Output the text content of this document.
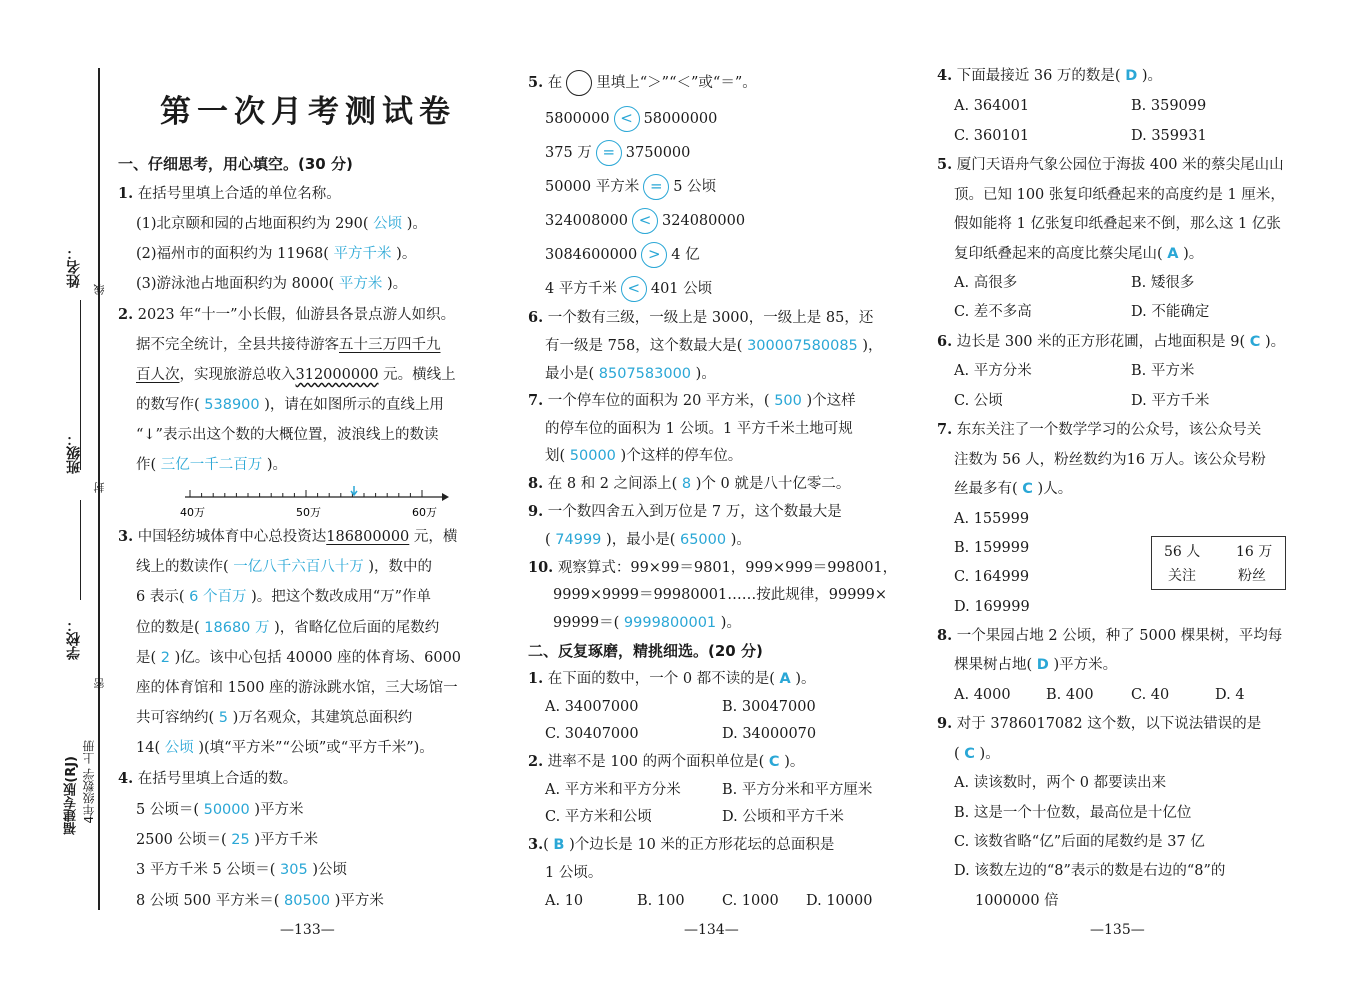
姓名：
线
班级：
封
学校：
密
福建专版(RJ) 4年级数学 上册
第一次月考测试卷
一、仔细思考，用心填空。(30 分)
1. 在括号里填上合适的单位名称。
(1)北京颐和园的占地面积约为 290( 公顷 )。
(2)福州市的面积约为 11968( 平方千米 )。
(3)游泳池占地面积约为 8000( 平方米 )。
2. 2023 年“十一”小长假，仙游县各景点游人如织。
据不完全统计，全县共接待游客五十三万四千九
百人次，实现旅游总收入312000000 元。横线上
的数写作( 538900 )，请在如图所示的直线上用
“↓”表示出这个数的大概位置，波浪线上的数读
作( 三亿一千二百万 )。
40万	50万	60万
3. 中国轻纺城体育中心总投资达186800000 元，横
线上的数读作( 一亿八千六百八十万 )，数中的
6 表示( 6 个百万 )。把这个数改成用“万”作单
位的数是( 18680 万 )，省略亿位后面的尾数约
是( 2 )亿。该中心包括 40000 座的体育场、6000
座的体育馆和 1500 座的游泳跳水馆，三大场馆一
共可容纳约( 5 )万名观众，其建筑总面积约
14( 公顷 )(填“平方米”“公顷”或“平方千米”)。
4. 在括号里填上合适的数。
5 公顷＝( 50000 )平方米
2500 公顷＝( 25 )平方千米
3 平方千米 5 公顷＝( 305 )公顷
8 公顷 500 平方米＝( 80500 )平方米
—133—
5. 在 里填上“＞”“＜”或“＝”。
5800000 < 58000000
375 万 = 3750000
50000 平方米 = 5 公顷
324008000 < 324080000
3084600000 > 4 亿
4 平方千米 < 401 公顷
6. 一个数有三级，一级上是 3000，一级上是 85，还
有一级是 758，这个数最大是( 300007580085 )，
最小是( 8507583000 )。
7. 一个停车位的面积为 20 平方米，( 500 )个这样
的停车位的面积为 1 公顷。1 平方千米土地可规
划( 50000 )个这样的停车位。
8. 在 8 和 2 之间添上( 8 )个 0 就是八十亿零二。
9. 一个数四舍五入到万位是 7 万，这个数最大是
( 74999 )，最小是( 65000 )。
10. 观察算式：99×99＝9801，999×999＝998001，
9999×9999＝99980001……按此规律，99999×
99999＝( 9999800001 )。
二、反复琢磨，精挑细选。(20 分)
1. 在下面的数中，一个 0 都不读的是( A )。
A. 34007000	B. 30047000
C. 30407000	D. 34000070
2. 进率不是 100 的两个面积单位是( C )。
A. 平方米和平方分米	B. 平方分米和平方厘米
C. 平方米和公顷	D. 公顷和平方千米
3.( B )个边长是 10 米的正方形花坛的总面积是
1 公顷。
A. 10	B. 100	C. 1000 D. 10000
—134—
4. 下面最接近 36 万的数是( D )。
A. 364001	B. 359099
C. 360101	D. 359931
5. 厦门天语舟气象公园位于海拔 400 米的蔡尖尾山山
顶。已知 100 张复印纸叠起来的高度约是 1 厘米，
假如能将 1 亿张复印纸叠起来不倒，那么这 1 亿张
复印纸叠起来的高度比蔡尖尾山( A )。
A. 高很多	B. 矮很多
C. 差不多高	D. 不能确定
6. 边长是 300 米的正方形花圃，占地面积是 9( C )。
A. 平方分米	B. 平方米
C. 公顷	D. 平方千米
7. 东东关注了一个数学学习的公众号，该公众号关
注数为 56 人，粉丝数约为16 万人。该公众号粉
丝最多有( C )人。
A. 155999
B. 159999
C. 164999
D. 169999
56 人	16 万
关注	粉丝
8. 一个果园占地 2 公顷，种了 5000 棵果树，平均每
棵果树占地( D )平方米。
A. 4000 B. 400	C. 40	D. 4
9. 对于 3786017082 这个数，以下说法错误的是
( C )。
A. 读该数时，两个 0 都要读出来
B. 这是一个十位数，最高位是十亿位
C. 该数省略“亿”后面的尾数约是 37 亿
D. 该数左边的“8”表示的数是右边的“8”的
1000000 倍
—135—
